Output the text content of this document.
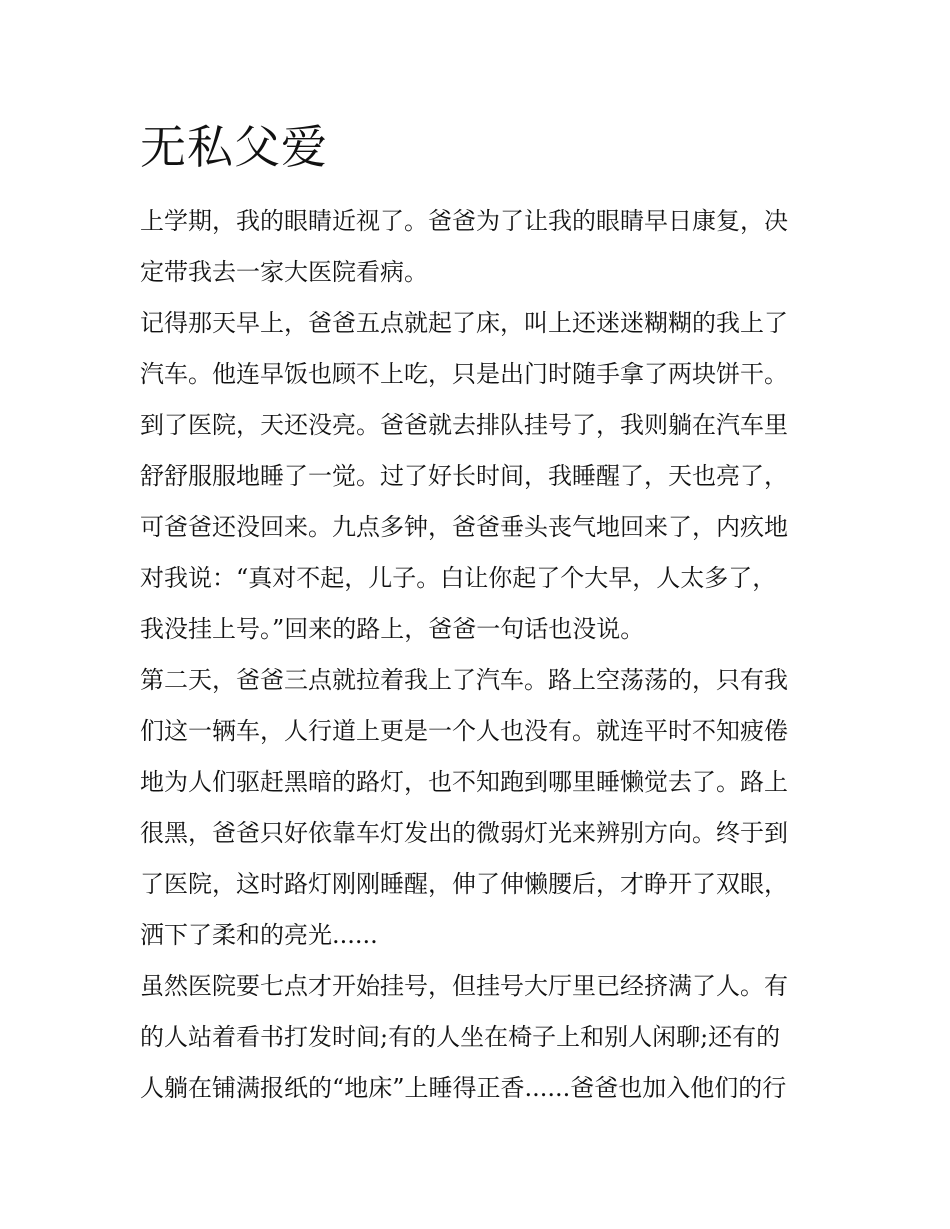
无私父爱

上学期，我的眼睛近视了。爸爸为了让我的眼睛早日康复，决

定带我去一家大医院看病。

记得那天早上，爸爸五点就起了床，叫上还迷迷糊糊的我上了

汽车。他连早饭也顾不上吃，只是出门时随手拿了两块饼干。

到了医院，天还没亮。爸爸就去排队挂号了，我则躺在汽车里

舒舒服服地睡了一觉。过了好长时间，我睡醒了，天也亮了，

可爸爸还没回来。九点多钟，爸爸垂头丧气地回来了，内疚地

对我说：“真对不起，儿子。白让你起了个大早，人太多了，

我没挂上号。”回来的路上，爸爸一句话也没说。

第二天，爸爸三点就拉着我上了汽车。路上空荡荡的，只有我

们这一辆车，人行道上更是一个人也没有。就连平时不知疲倦

地为人们驱赶黑暗的路灯，也不知跑到哪里睡懒觉去了。路上

很黑，爸爸只好依靠车灯发出的微弱灯光来辨别方向。终于到

了医院，这时路灯刚刚睡醒，伸了伸懒腰后，才睁开了双眼，

洒下了柔和的亮光......

虽然医院要七点才开始挂号，但挂号大厅里已经挤满了人。有

的人站着看书打发时间;有的人坐在椅子上和别人闲聊;还有的

人躺在铺满报纸的“地床”上睡得正香......爸爸也加入他们的行
